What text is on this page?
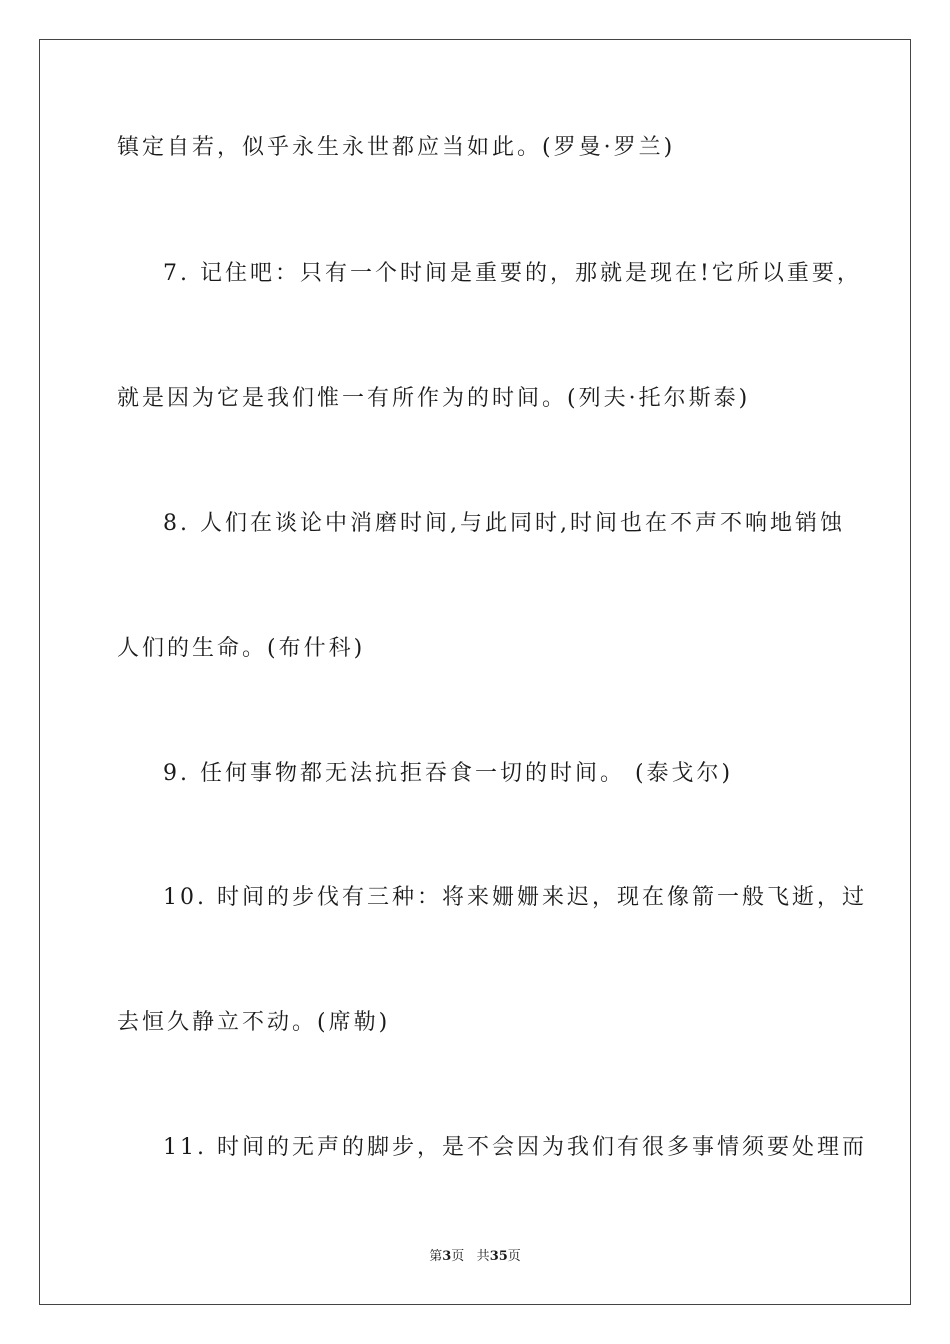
镇定自若，似乎永生永世都应当如此。(罗曼·罗兰)
7. 记住吧：只有一个时间是重要的，那就是现在!它所以重要，
就是因为它是我们惟一有所作为的时间。(列夫·托尔斯泰)
8. 人们在谈论中消磨时间,与此同时,时间也在不声不响地销蚀
人们的生命。(布什科)
9. 任何事物都无法抗拒吞食一切的时间。 (泰戈尔)
10. 时间的步伐有三种：将来姗姗来迟，现在像箭一般飞逝，过
去恒久静立不动。(席勒)
11. 时间的无声的脚步，是不会因为我们有很多事情须要处理而
第3页 共35页
